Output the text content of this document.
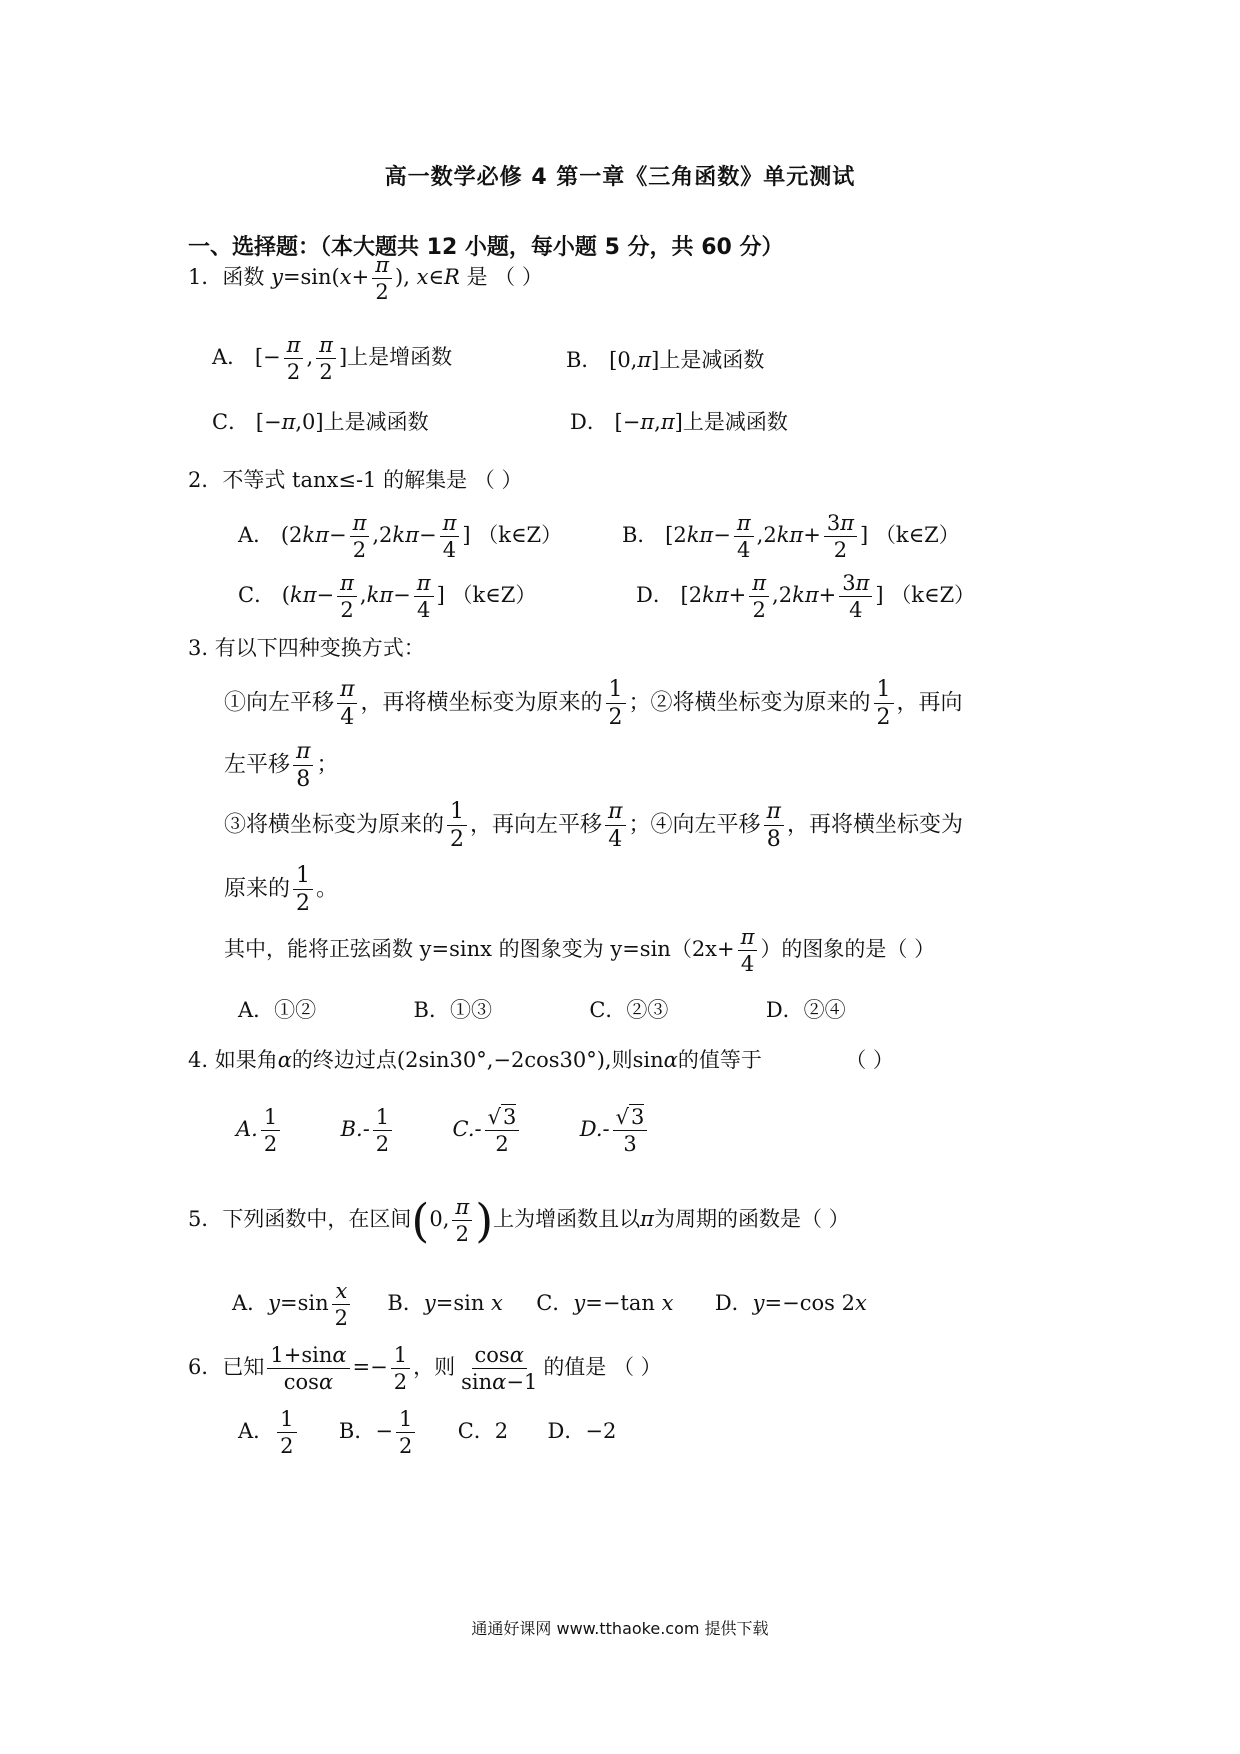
高一数学必修 4 第一章《三角函数》单元测试
一、选择题：（本大题共 12 小题，每小题 5 分，共 60 分）
1．函数 $y=\sin(x+ \frac{\pi}{2}$ ), x∈R 是 （ ）
A． [− $\frac{\pi}{2}$ , $\frac{\pi}{2}$ ]上是增函数	B． [0,π]上是减函数
C． [−π,0]上是减函数	D． [−π,π]上是减函数
2．不等式 tanx≤-1 的解集是 （ ）
A． ($2k\pi- \frac{\pi}{2} ,2k\pi- \frac{\pi}{4}$ ] （k∈Z）	B． [$2k\pi- \frac{\pi}{4} ,2k\pi+ \frac{3\pi}{2}$ ] （k∈Z）
C． ($k\pi- \frac{\pi}{2} ,k\pi- \frac{\pi}{4}$ ] （k∈Z）	D． [$2k\pi+ \frac{\pi}{2} ,2k\pi+ \frac{3\pi}{4}$ ] （k∈Z）
3. 有以下四种变换方式：
①向左平移 $\frac{\pi}{4}$ ，再将横坐标变为原来的 $\frac{1}{2}$ ；②将横坐标变为原来的 $\frac{1}{2}$ ，再向
左平移 $\frac{\pi}{8}$ ；
③将横坐标变为原来的 $\frac{1}{2}$ ，再向左平移 $\frac{\pi}{4}$ ；④向左平移 $\frac{\pi}{8}$ ，再将横坐标变为
原来的 $\frac{1}{2}$ 。
其中，能将正弦函数 y=sinx 的图象变为 $y=\sin(2x+ \frac{\pi}{4}$ ）的图象的是（ ）
A．①②	B．①③	C．②③	D．②④
4. 如果角α的终边过点(2sin30°,−2cos30°),则sinα的值等于	（ ）
A. $\frac{1}{2}$	$B.- \frac{1}{2}$	$C.- \frac{√3}{2}$	$D.- \frac{√3}{3}$
5．下列函数中，在区间(0, $\frac{\pi}{2}$ )上为增函数且以π为周期的函数是（ ）
A．$y=\sin \frac{x}{2}$ B．y=sin x C．y=−tan x D．y=−cos 2x
6．已知 $\frac{1+\sin\alpha}{\cos\alpha} =- \frac{1}{2}$ ，则 $\frac{\cos\alpha}{\sin\alpha-1}$ 的值是 （ ）
A． $\frac{1}{2}$ B．− $\frac{1}{2}$ C．2 D．−2
通通好课网 www.tthaoke.com 提供下载
